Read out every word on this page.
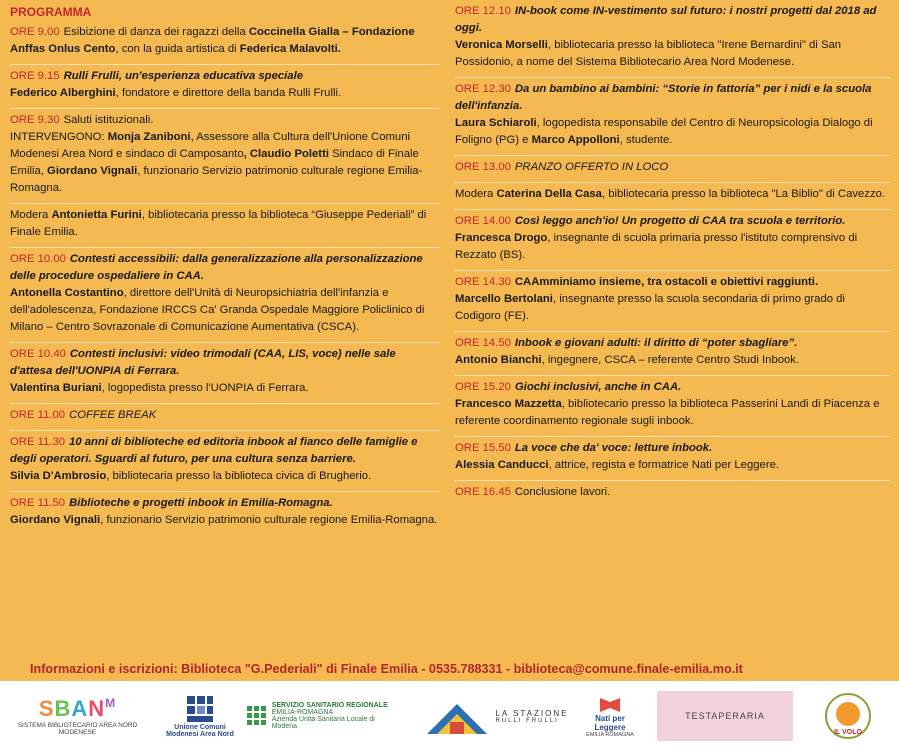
PROGRAMMA
ORE 9.00 Esibizione di danza dei ragazzi della Coccinella Gialla – Fondazione Anffas Onlus Cento, con la guida artistica di Federica Malavolti.
ORE 9.15 Rulli Frulli, un'esperienza educativa speciale
Federico Alberghini, fondatore e direttore della banda Rulli Frulli.
ORE 9.30 Saluti istituzionali.
INTERVENGONO: Monja Zaniboni, Assessore alla Cultura dell'Unione Comuni Modenesi Area Nord e sindaco di Camposanto, Claudio Poletti Sindaco di Finale Emilia, Giordano Vignali, funzionario Servizio patrimonio culturale regione Emilia-Romagna.
Modera Antonietta Furini, bibliotecaria presso la biblioteca “Giuseppe Pederiali” di Finale Emilia.
ORE 10.00 Contesti accessibili: dalla generalizzazione alla personalizzazione delle procedure ospedaliere in CAA.
Antonella Costantino, direttore dell'Unità di Neuropsichiatria dell'infanzia e dell'adolescenza, Fondazione IRCCS Ca' Granda Ospedale Maggiore Policlinico di Milano – Centro Sovrazonale di Comunicazione Aumentativa (CSCA).
ORE 10.40 Contesti inclusivi: video trimodali (CAA, LIS, voce) nelle sale d'attesa dell'UONPIA di Ferrara.
Valentina Buriani, logopedista presso l'UONPIA di Ferrara.
ORE 11.00 COFFEE BREAK
ORE 11.30 10 anni di biblioteche ed editoria inbook al fianco delle famiglie e degli operatori. Sguardi al futuro, per una cultura senza barriere.
Silvia D'Ambrosio, bibliotecaria presso la biblioteca civica di Brugherio.
ORE 11.50 Biblioteche e progetti inbook in Emilia-Romagna.
Giordano Vignali, funzionario Servizio patrimonio culturale regione Emilia-Romagna.
ORE 12.10 IN-book come IN-vestimento sul futuro: i nostri progetti dal 2018 ad oggi.
Veronica Morselli, bibliotecaria presso la biblioteca "Irene Bernardini" di San Possidonio, a nome del Sistema Bibliotecario Area Nord Modenese.
ORE 12.30 Da un bambino ai bambini: “Storie in fattoria” per i nidi e la scuola dell'infanzia.
Laura Schiaroli, logopedista responsabile del Centro di Neuropsicologia Dialogo di Foligno (PG) e Marco Appolloni, studente.
ORE 13.00 PRANZO OFFERTO IN LOCO
Modera Caterina Della Casa, bibliotecaria presso la biblioteca "La Biblio" di Cavezzo.
ORE 14.00 Così leggo anch'io! Un progetto di CAA tra scuola e territorio.
Francesca Drogo, insegnante di scuola primaria presso l'istituto comprensivo di Rezzato (BS).
ORE 14.30 CAAmminiamo insieme, tra ostacoli e obiettivi raggiunti.
Marcello Bertolani, insegnante presso la scuola secondaria di primo grado di Codigoro (FE).
ORE 14.50 Inbook e giovani adulti: il diritto di “poter sbagliare”.
Antonio Bianchi, ingegnere, CSCA – referente Centro Studi Inbook.
ORE 15.20 Giochi inclusivi, anche in CAA.
Francesco Mazzetta, bibliotecario presso la biblioteca Passerini Landi di Piacenza e referente coordinamento regionale sugli inbook.
ORE 15.50 La voce che da' voce: letture inbook.
Alessia Canducci, attrice, regista e formatrice Nati per Leggere.
ORE 16.45 Conclusione lavori.
Informazioni e iscrizioni: Biblioteca "G.Pederiali" di Finale Emilia - 0535.788331 - biblioteca@comune.finale-emilia.mo.it
SBANM
SISTEMA BIBLIOTECARIO AREA NORD MODENESE
Unione Comuni
Modenesi Area Nord
SERVIZIO SANITARIO REGIONALE
EMILIA-ROMAGNA
Azienda Unità Sanitaria Locale di Modena
LA STAZIONE
RULLI FRULLI	Nati per
Leggere
EMILIA ROMAGNA
TESTAPERARIA
IL VOLO
